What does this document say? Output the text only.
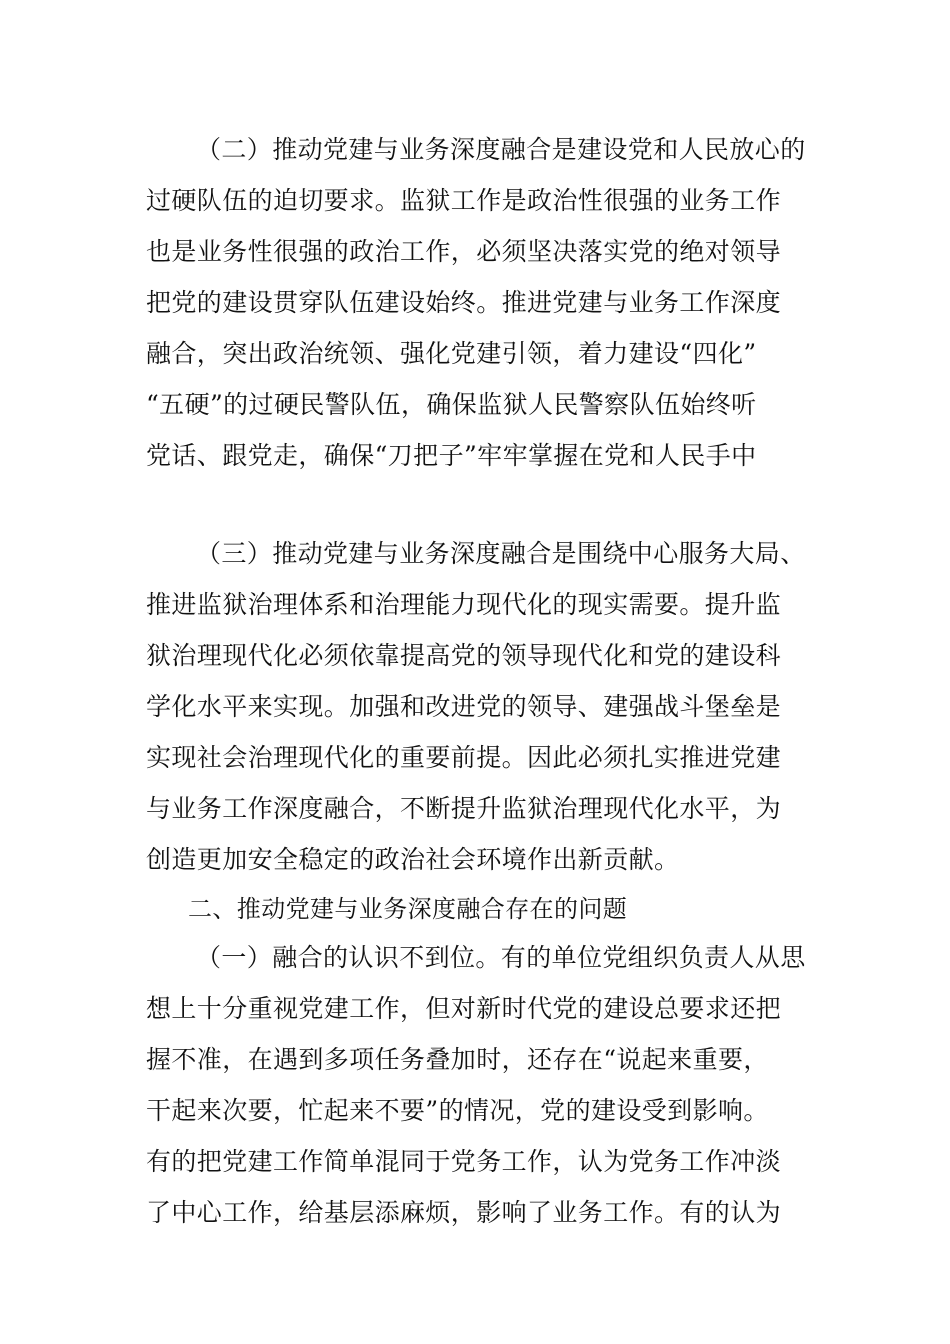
（二）推动党建与业务深度融合是建设党和人民放心的
过硬队伍的迫切要求。监狱工作是政治性很强的业务工作
也是业务性很强的政治工作，必须坚决落实党的绝对领导
把党的建设贯穿队伍建设始终。推进党建与业务工作深度
融合，突出政治统领、强化党建引领，着力建设“四化”
“五硬”的过硬民警队伍，确保监狱人民警察队伍始终听
党话、跟党走，确保“刀把子”牢牢掌握在党和人民手中
（三）推动党建与业务深度融合是围绕中心服务大局、
推进监狱治理体系和治理能力现代化的现实需要。提升监
狱治理现代化必须依靠提高党的领导现代化和党的建设科
学化水平来实现。加强和改进党的领导、建强战斗堡垒是
实现社会治理现代化的重要前提。因此必须扎实推进党建
与业务工作深度融合，不断提升监狱治理现代化水平，为
创造更加安全稳定的政治社会环境作出新贡献。
二、推动党建与业务深度融合存在的问题
（一）融合的认识不到位。有的单位党组织负责人从思
想上十分重视党建工作，但对新时代党的建设总要求还把
握不准，在遇到多项任务叠加时，还存在“说起来重要，
干起来次要，忙起来不要”的情况，党的建设受到影响。
有的把党建工作简单混同于党务工作，认为党务工作冲淡
了中心工作，给基层添麻烦，影响了业务工作。有的认为
